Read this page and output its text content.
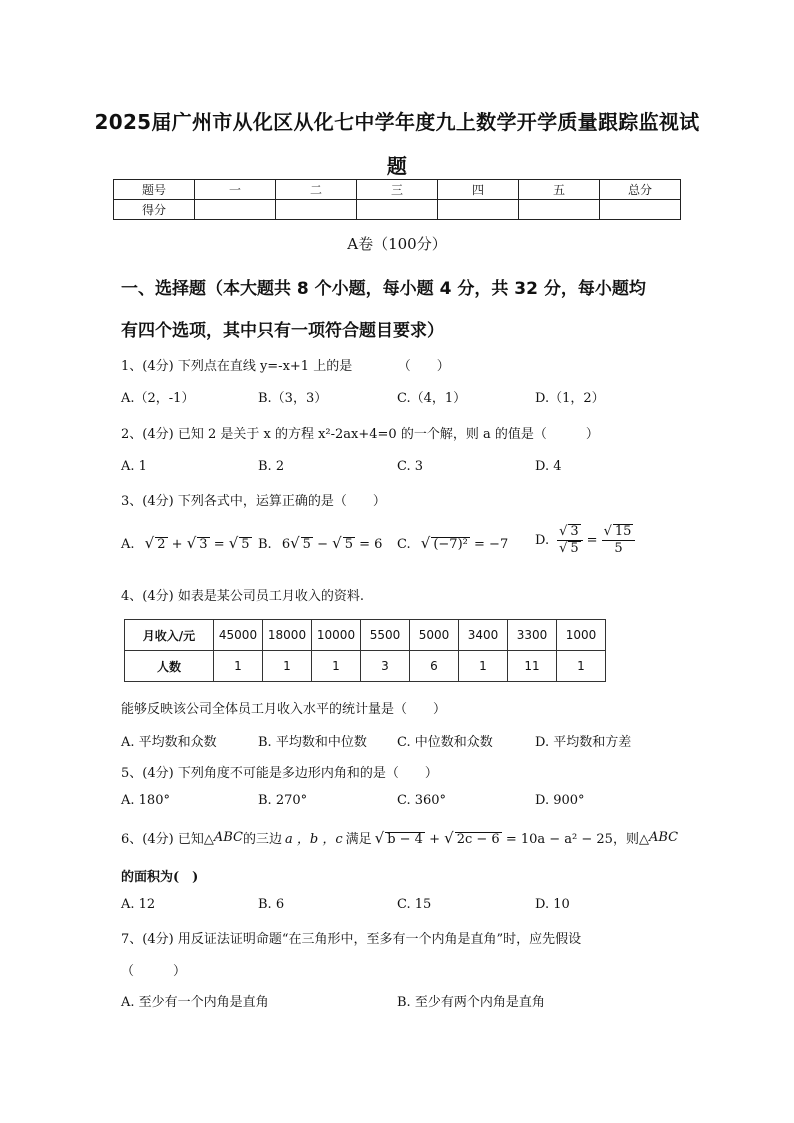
2025届广州市从化区从化七中学年度九上数学开学质量跟踪监视试
题
题号	一	二	三	四	五	总分
得分						
A卷（100分）
一、选择题（本大题共 8 个小题，每小题 4 分，共 32 分，每小题均
有四个选项，其中只有一项符合题目要求）
1、(4分) 下列点在直线 y=-x+1 上的是　　　　（　　）
A.（2，-1）	B.（3，3）	C.（4，1）	D.（1，2）
2、(4分) 已知 2 是关于 x 的方程 x²-2ax+4=0 的一个解，则 a 的值是（　　　）
A. 1	B. 2	C. 3	D. 4
3、(4分) 下列各式中，运算正确的是（　　）
A. √ 2 + √ 3 = √ 5 B. 6√ 5 − √ 5 = 6 C. √ (−7)² = −7 D. $\frac{√ 3}{√ 5} = \frac{√ 15}{5}$
4、(4分) 如表是某公司员工月收入的资料.
月收入/元	45000	18000	10000	5500	5000	3400	3300	1000
人数	1	1	1	3	6	1	11	1
能够反映该公司全体员工月收入水平的统计量是（　　）
A. 平均数和众数	B. 平均数和中位数 C. 中位数和众数	D. 平均数和方差
5、(4分) 下列角度不可能是多边形内角和的是（　　）
A. 180°	B. 270°	C. 360°	D. 900°
6、(4分) 已知△ ABC 的三边 a ，b ，c 满足 √ b − 4 + √ 2c − 6 = 10a − a² − 25 ，则△ ABC
的面积为(　)
A. 12	B. 6	C. 15	D. 10
7、(4分) 用反证法证明命题“在三角形中，至多有一个内角是直角”时，应先假设
（　　　）
A. 至少有一个内角是直角	B. 至少有两个内角是直角
